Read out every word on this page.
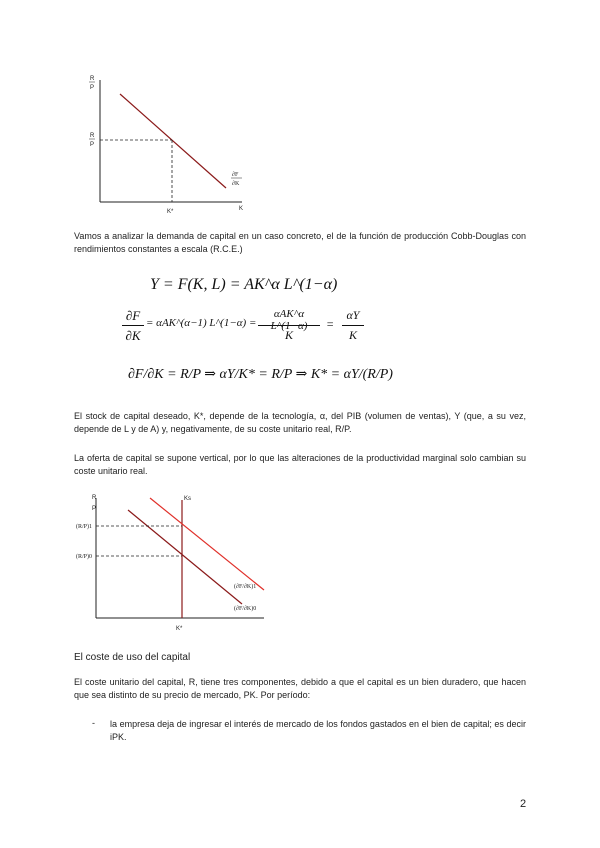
R
P
R
P
K*	K
∂F
∂K
Vamos a analizar la demanda de capital en un caso concreto, el de la función de producción Cobb-Douglas con rendimientos constantes a escala (R.C.E.)
Y = F(K, L) = AK^α L^(1−α)
∂F
∂K
= αAK^(α−1) L^(1−α) =
αAK^α L^(1−α)
K
=
αY
K
∂F/∂K = R/P ⇒ αY/K* = R/P ⇒ K* = αY/(R/P)
El stock de capital deseado, K*, depende de la tecnología, α, del PIB (volumen de ventas), Y (que, a su vez, depende de L y de A) y, negativamente, de su coste unitario real, R/P.
La oferta de capital se supone vertical, por lo que las alteraciones de la productividad marginal solo cambian su coste unitario real.
R
P
Ks
(R/P)1
(R/P)0
(∂F/∂K)1
(∂F/∂K)0
K*
El coste de uso del capital
El coste unitario del capital, R, tiene tres componentes, debido a que el capital es un bien duradero, que hacen que sea distinto de su precio de mercado, PK. Por período:
- la empresa deja de ingresar el interés de mercado de los fondos gastados en el bien de capital; es decir iPK.
2
